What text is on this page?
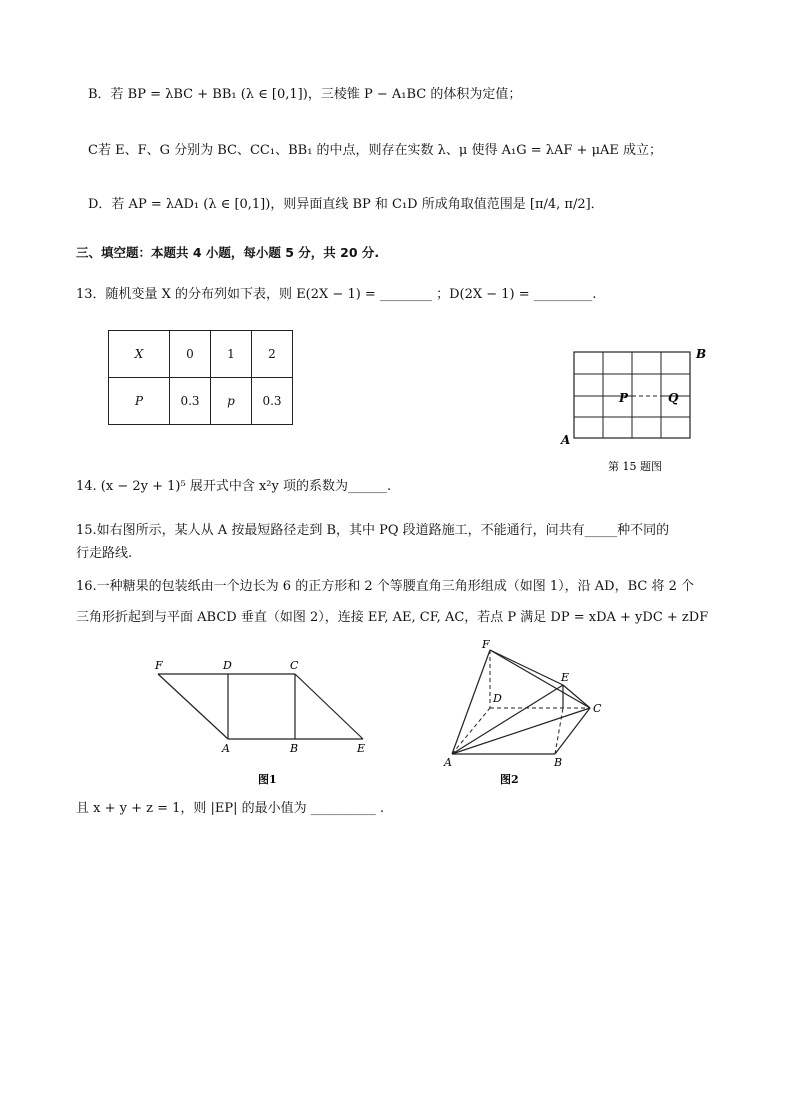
B．若 BP = λBC + BB₁ (λ ∈ [0,1])，三棱锥 P − A₁BC 的体积为定值；
C若 E、F、G 分别为 BC、CC₁、BB₁ 的中点，则存在实数 λ、μ 使得 A₁G = λAF + μAE 成立；
D．若 AP = λAD₁ (λ ∈ [0,1])，则异面直线 BP 和 C₁D 所成角取值范围是 [π/4, π/2]．
三、填空题：本题共 4 小题，每小题 5 分，共 20 分.
13．随机变量 X 的分布列如下表，则 E(2X − 1) = ________ ；D(2X − 1) = _________.
X	0	1	2
P	0.3	p	0.3
B
A
P	Q
第 15 题图
14. (x − 2y + 1)⁵ 展开式中含 x²y 项的系数为______.
15.如右图所示，某人从 A 按最短路径走到 B，其中 PQ 段道路施工，不能通行，问共有_____种不同的
行走路线.
16.一种糖果的包装纸由一个边长为 6 的正方形和 2 个等腰直角三角形组成（如图 1），沿 AD，BC 将 2 个
三角形折起到与平面 ABCD 垂直（如图 2），连接 EF, AE, CF, AC，若点 P 满足 DP = xDA + yDC + zDF
F	D	C
A	B	E
图1
F
E
D
C
A	B
图2
且 x + y + z = 1，则 |EP| 的最小值为 __________ .
